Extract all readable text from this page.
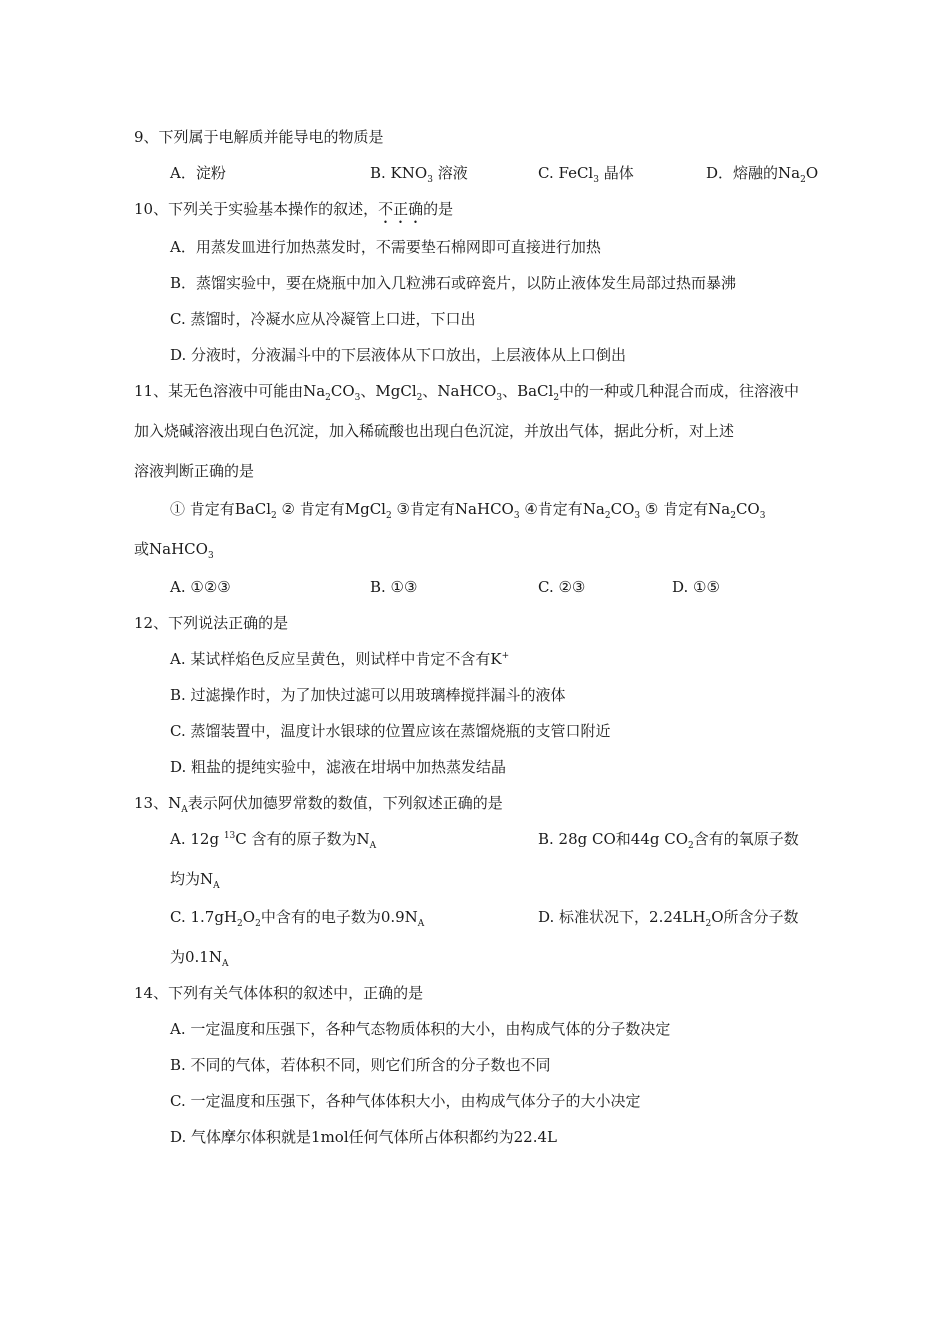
9、下列属于电解质并能导电的物质是
A．淀粉	B. $KNO_3$ 溶液	C. FeCl$_3$ 晶体	D．熔融的$Na_2O$
10、下列关于实验基本操作的叙述，不正确的是
A．用蒸发皿进行加热蒸发时，不需要垫石棉网即可直接进行加热
B．蒸馏实验中，要在烧瓶中加入几粒沸石或碎瓷片，以防止液体发生局部过热而暴沸
C. 蒸馏时，冷凝水应从冷凝管上口进，下口出
D. 分液时，分液漏斗中的下层液体从下口放出，上层液体从上口倒出
11、某无色溶液中可能由$Na_2CO_3$、MgCl$_2$、NaHCO$_3$、BaCl$_2$中的一种或几种混合而成，往溶液中
加入烧碱溶液出现白色沉淀，加入稀硫酸也出现白色沉淀，并放出气体，据此分析，对上述
溶液判断正确的是
① 肯定有BaCl$_2$ ② 肯定有MgCl$_2$ ③肯定有NaHCO$_3$ ④肯定有$Na_2CO_3$ ⑤ 肯定有$Na_2CO_3$
或NaHCO$_3$
A. ①②③	B. ①③	C. ②③	D. ①⑤
12、下列说法正确的是
A. 某试样焰色反应呈黄色，则试样中肯定不含有K+
B. 过滤操作时，为了加快过滤可以用玻璃棒搅拌漏斗的液体
C. 蒸馏装置中，温度计水银球的位置应该在蒸馏烧瓶的支管口附近
D. 粗盐的提纯实验中，滤液在坩埚中加热蒸发结晶
13、$N_A$表示阿伏加德罗常数的数值，下列叙述正确的是
A. 12g $^{13}$C 含有的原子数为$N_A$	B. 28g CO和44g $CO_2$含有的氧原子数
均为$N_A$
C. $1.7gH_2O_2$中含有的电子数为$0.9N_A$	D. 标准状况下，$2.24LH_2O$所含分子数
为$0.1N_A$
14、下列有关气体体积的叙述中，正确的是
A. 一定温度和压强下，各种气态物质体积的大小，由构成气体的分子数决定
B. 不同的气体，若体积不同，则它们所含的分子数也不同
C. 一定温度和压强下，各种气体体积大小，由构成气体分子的大小决定
D. 气体摩尔体积就是1mol任何气体所占体积都约为22.4L
